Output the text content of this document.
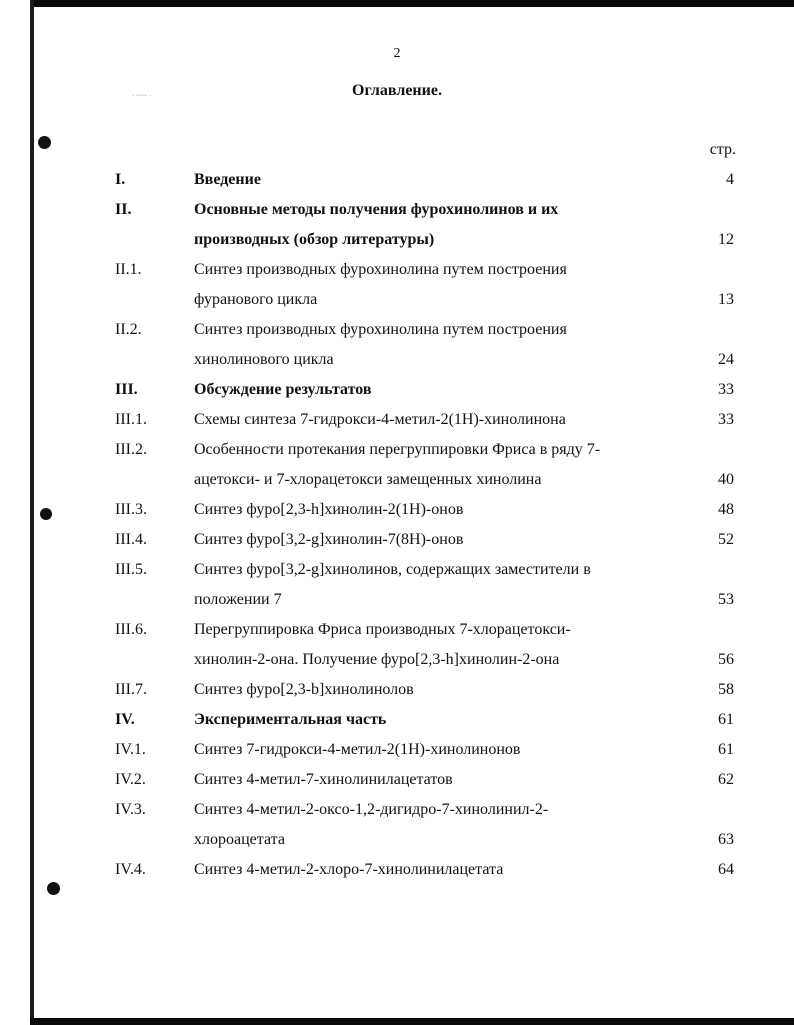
· ~~~ ·
2
Оглавление.
стр.
I.	Введение	4
II.	Основные методы получения фурохинолинов и их
производных (обзор литературы)	12
II.1.	Синтез производных фурохинолина путем построения
фуранового цикла	13
II.2.	Синтез производных фурохинолина путем построения
хинолинового цикла	24
III.	Обсуждение результатов	33
III.1.	Схемы синтеза 7-гидрокси-4-метил-2(1Н)-хинолинона	33
III.2.	Особенности протекания перегруппировки Фриса в ряду 7-
ацетокси- и 7-хлорацетокси замещенных хинолина	40
III.3.	Синтез фуро[2,3-h]хинолин-2(1Н)-онов	48
III.4.	Синтез фуро[3,2-g]хинолин-7(8Н)-онов	52
III.5.	Синтез фуро[3,2-g]хинолинов, содержащих заместители в
положении 7	53
III.6.	Перегруппировка Фриса производных 7-хлорацетокси-
хинолин-2-она. Получение фуро[2,3-h]хинолин-2-она	56
III.7.	Синтез фуро[2,3-b]хинолинолов	58
IV.	Экспериментальная часть	61
IV.1.	Синтез 7-гидрокси-4-метил-2(1Н)-хинолинонов	61
IV.2.	Синтез 4-метил-7-хинолинилацетатов	62
IV.3.	Синтез 4-метил-2-оксо-1,2-дигидро-7-хинолинил-2-
хлороацетата	63
IV.4.	Синтез 4-метил-2-хлоро-7-хинолинилацетата	64
